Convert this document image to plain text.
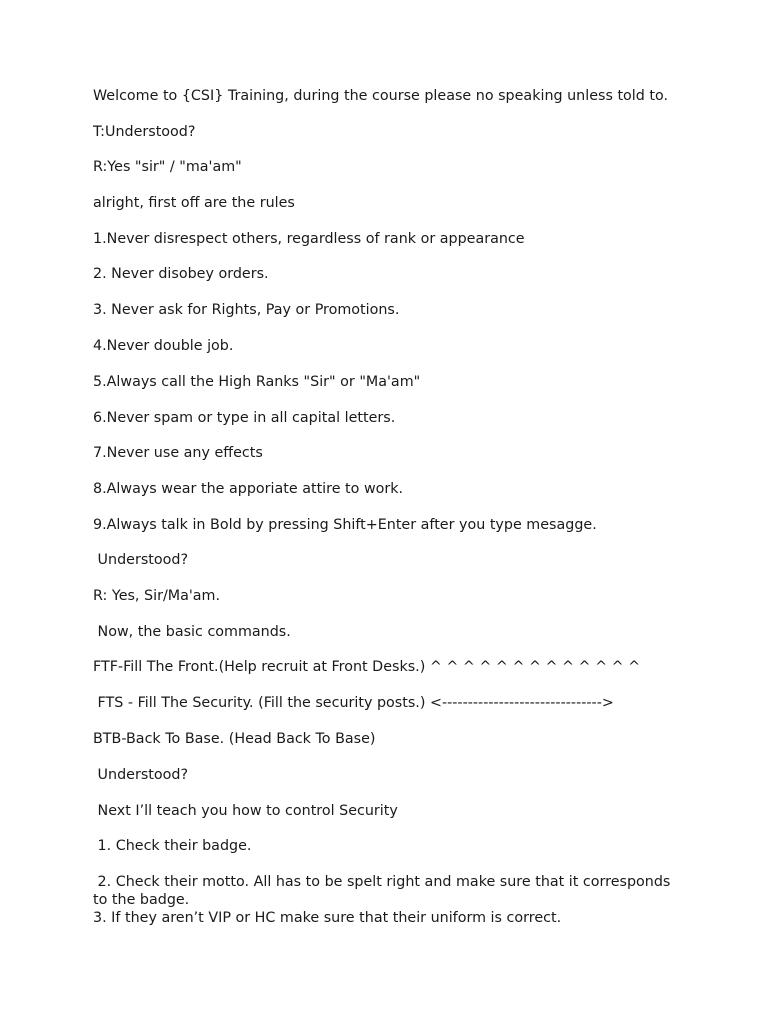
Welcome to {CSI} Training, during the course please no speaking unless told to.
T:Understood?
R:Yes "sir" / "ma'am"
alright, first off are the rules
1.Never disrespect others, regardless of rank or appearance
2. Never disobey orders.
3. Never ask for Rights, Pay or Promotions.
4.Never double job.
5.Always call the High Ranks "Sir" or "Ma'am"
6.Never spam or type in all capital letters.
7.Never use any effects
8.Always wear the apporiate attire to work.
9.Always talk in Bold by pressing Shift+Enter after you type mesagge.
Understood?
R: Yes, Sir/Ma'am.
Now, the basic commands.
FTF-Fill The Front.(Help recruit at Front Desks.) ^ ^ ^ ^ ^ ^ ^ ^ ^ ^ ^ ^ ^
FTS - Fill The Security. (Fill the security posts.) <------------------------------->
BTB-Back To Base. (Head Back To Base)
Understood?
Next I’ll teach you how to control Security
1. Check their badge.
2. Check their motto. All has to be spelt right and make sure that it corresponds to the badge.
3. If they aren’t VIP or HC make sure that their uniform is correct.
